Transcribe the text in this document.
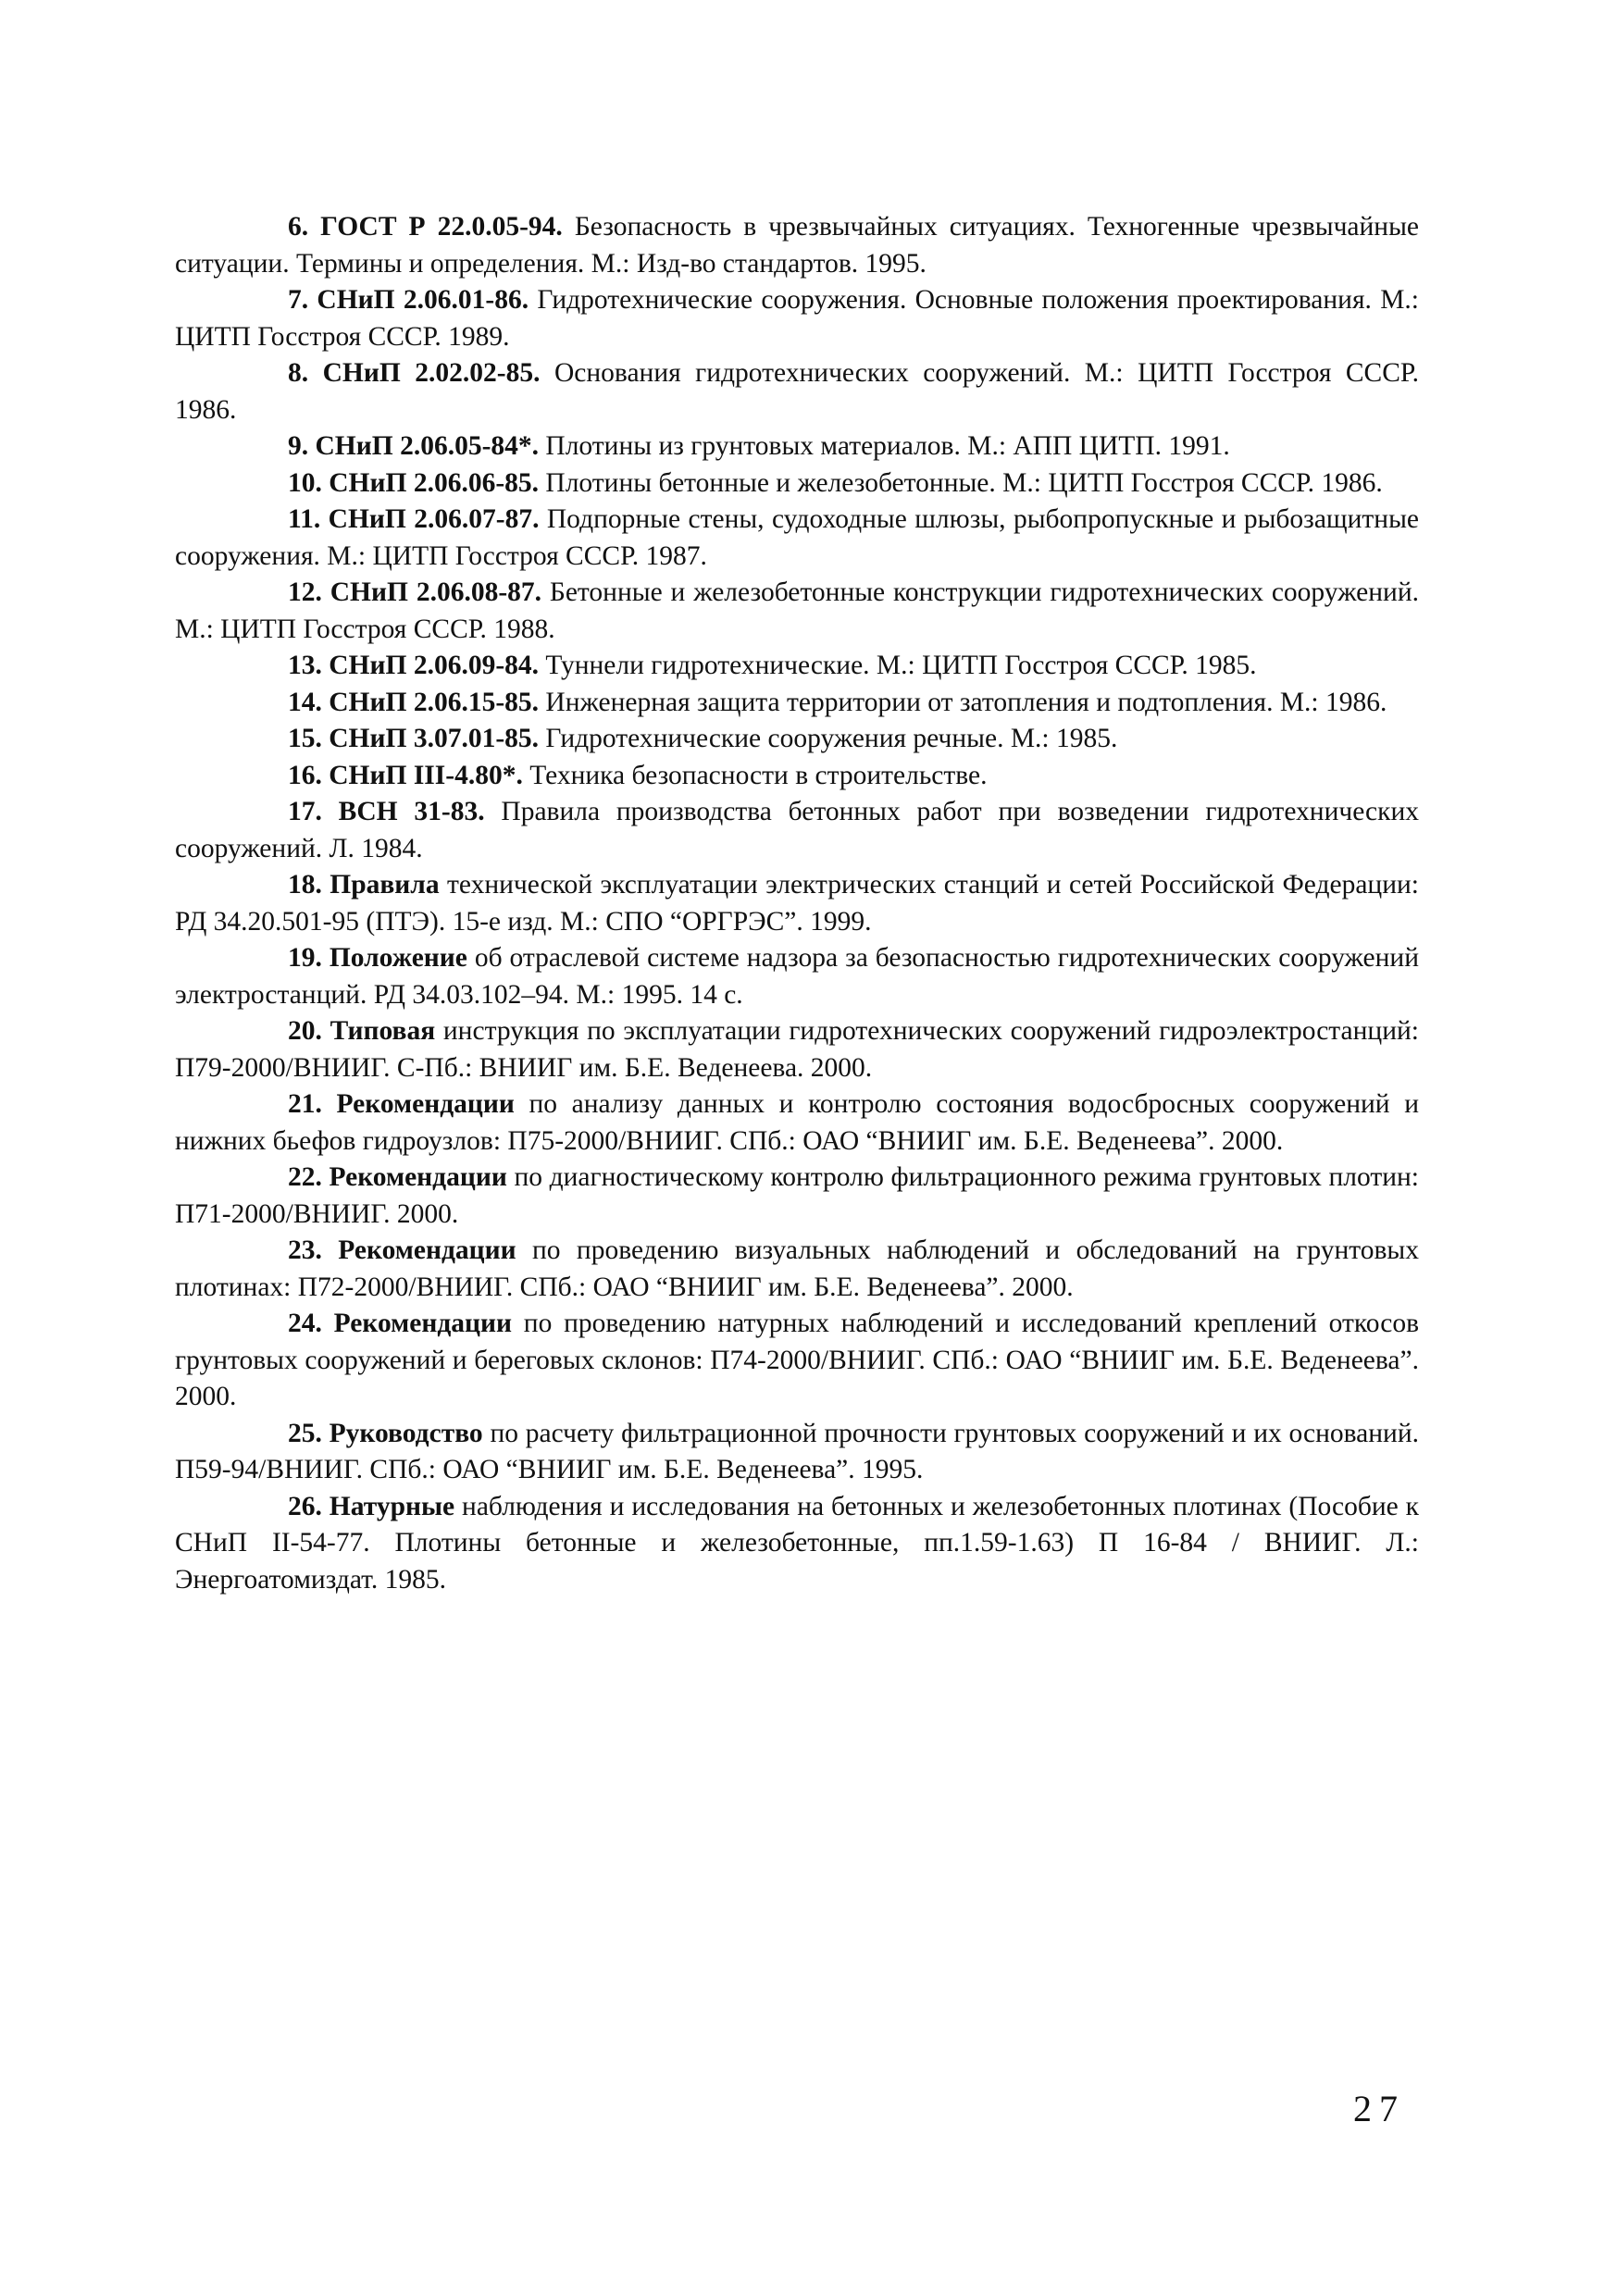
6. ГОСТ Р 22.0.05-94. Безопасность в чрезвычайных ситуациях. Техногенные чрезвычайные ситуации. Термины и определения. М.: Изд-во стандартов. 1995.

7. СНиП 2.06.01-86. Гидротехнические сооружения. Основные положения проектирования. М.: ЦИТП Госстроя СССР. 1989.

8. СНиП 2.02.02-85. Основания гидротехнических сооружений. М.: ЦИТП Госстроя СССР. 1986.

9. СНиП 2.06.05-84*. Плотины из грунтовых материалов. М.: АПП ЦИТП. 1991.

10. СНиП 2.06.06-85. Плотины бетонные и железобетонные. М.: ЦИТП Госстроя СССР. 1986.

11. СНиП 2.06.07-87. Подпорные стены, судоходные шлюзы, рыбопропускные и рыбозащитные сооружения. М.: ЦИТП Госстроя СССР. 1987.

12. СНиП 2.06.08-87. Бетонные и железобетонные конструкции гидротехнических сооружений. М.: ЦИТП Госстроя СССР. 1988.

13. СНиП 2.06.09-84. Туннели гидротехнические. М.: ЦИТП Госстроя СССР. 1985.

14. СНиП 2.06.15-85. Инженерная защита территории от затопления и подтопления. М.: 1986.

15. СНиП 3.07.01-85. Гидротехнические сооружения речные. М.: 1985.

16. СНиП III-4.80*. Техника безопасности в строительстве.

17. ВСН 31-83. Правила производства бетонных работ при возведении гидротехнических сооружений. Л. 1984.

18. Правила технической эксплуатации электрических станций и сетей Российской Федерации: РД 34.20.501-95 (ПТЭ). 15-е изд. М.: СПО “ОРГРЭС”. 1999.

19. Положение об отраслевой системе надзора за безопасностью гидротехнических сооружений электростанций. РД 34.03.102–94. М.: 1995. 14 с.

20. Типовая инструкция по эксплуатации гидротехнических сооружений гидроэлектростанций: П79-2000/ВНИИГ. С-Пб.: ВНИИГ им. Б.Е. Веденеева. 2000.

21. Рекомендации по анализу данных и контролю состояния водосбросных сооружений и нижних бьефов гидроузлов: П75-2000/ВНИИГ. СПб.: ОАО “ВНИИГ им. Б.Е. Веденеева”. 2000.

22. Рекомендации по диагностическому контролю фильтрационного режима грунтовых плотин: П71-2000/ВНИИГ. 2000.

23. Рекомендации по проведению визуальных наблюдений и обследований на грунтовых плотинах: П72-2000/ВНИИГ. СПб.: ОАО “ВНИИГ им. Б.Е. Веденеева”. 2000.

24. Рекомендации по проведению натурных наблюдений и исследований креплений откосов грунтовых сооружений и береговых склонов: П74-2000/ВНИИГ. СПб.: ОАО “ВНИИГ им. Б.Е. Веденеева”. 2000.

25. Руководство по расчету фильтрационной прочности грунтовых сооружений и их оснований. П59-94/ВНИИГ. СПб.: ОАО “ВНИИГ им. Б.Е. Веденеева”. 1995.

26. Натурные наблюдения и исследования на бетонных и железобетонных плотинах (Пособие к СНиП II-54-77. Плотины бетонные и железобетонные, пп.1.59-1.63) П 16-84 / ВНИИГ. Л.: Энергоатомиздат. 1985.

27
